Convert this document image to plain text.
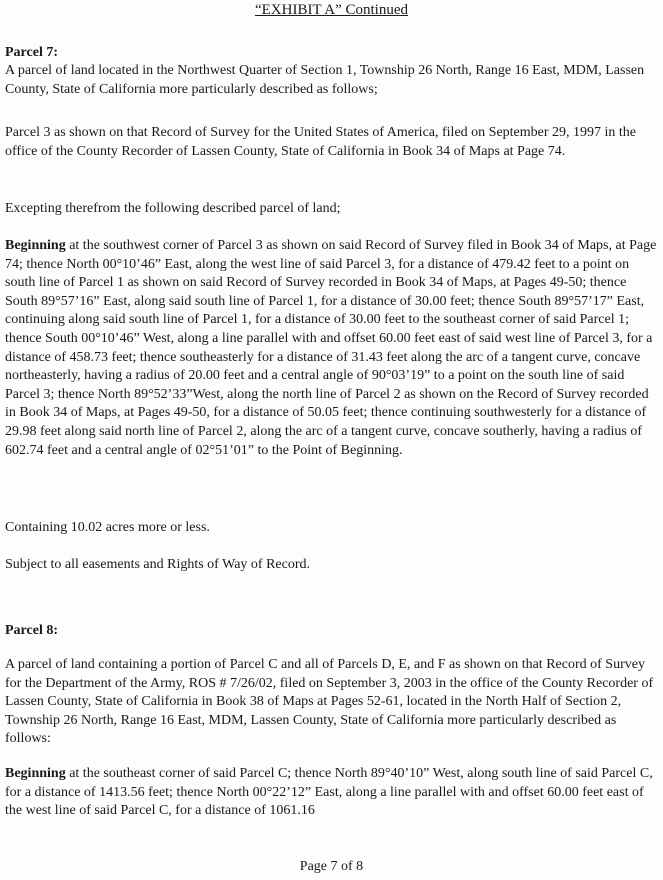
“EXHIBIT A” Continued
Parcel 7:

A parcel of land located in the Northwest Quarter of Section 1, Township 26 North, Range 16 East, MDM, Lassen County, State of California more particularly described as follows;

Parcel 3 as shown on that Record of Survey for the United States of America, filed on September 29, 1997 in the office of the County Recorder of Lassen County, State of California in Book 34 of Maps at Page 74.

Excepting therefrom the following described parcel of land;

Beginning at the southwest corner of Parcel 3 as shown on said Record of Survey filed in Book 34 of Maps, at Page 74; thence North 00°10’46” East, along the west line of said Parcel 3, for a distance of 479.42 feet to a point on south line of Parcel 1 as shown on said Record of Survey recorded in Book 34 of Maps, at Pages 49-50; thence South 89°57’16” East, along said south line of Parcel 1, for a distance of 30.00 feet; thence South 89°57’17” East, continuing along said south line of Parcel 1, for a distance of 30.00 feet to the southeast corner of said Parcel 1; thence South 00°10’46” West, along a line parallel with and offset 60.00 feet east of said west line of Parcel 3, for a distance of 458.73 feet; thence southeasterly for a distance of 31.43 feet along the arc of a tangent curve, concave northeasterly, having a radius of 20.00 feet and a central angle of 90°03’19” to a point on the south line of said Parcel 3; thence North 89°52’33”West, along the north line of Parcel 2 as shown on the Record of Survey recorded in Book 34 of Maps, at Pages 49-50, for a distance of 50.05 feet; thence continuing southwesterly for a distance of 29.98 feet along said north line of Parcel 2, along the arc of a tangent curve, concave southerly, having a radius of 602.74 feet and a central angle of 02°51’01” to the Point of Beginning.

Containing 10.02 acres more or less.

Subject to all easements and Rights of Way of Record.

Parcel 8:

A parcel of land containing a portion of Parcel C and all of Parcels D, E, and F as shown on that Record of Survey for the Department of the Army, ROS # 7/26/02, filed on September 3, 2003 in the office of the County Recorder of Lassen County, State of California in Book 38 of Maps at Pages 52-61, located in the North Half of Section 2, Township 26 North, Range 16 East, MDM, Lassen County, State of California more particularly described as follows:

Beginning at the southeast corner of said Parcel C; thence North 89°40’10” West, along south line of said Parcel C, for a distance of 1413.56 feet; thence North 00°22’12” East, along a line parallel with and offset 60.00 feet east of the west line of said Parcel C, for a distance of 1061.16

Page 7 of 8
